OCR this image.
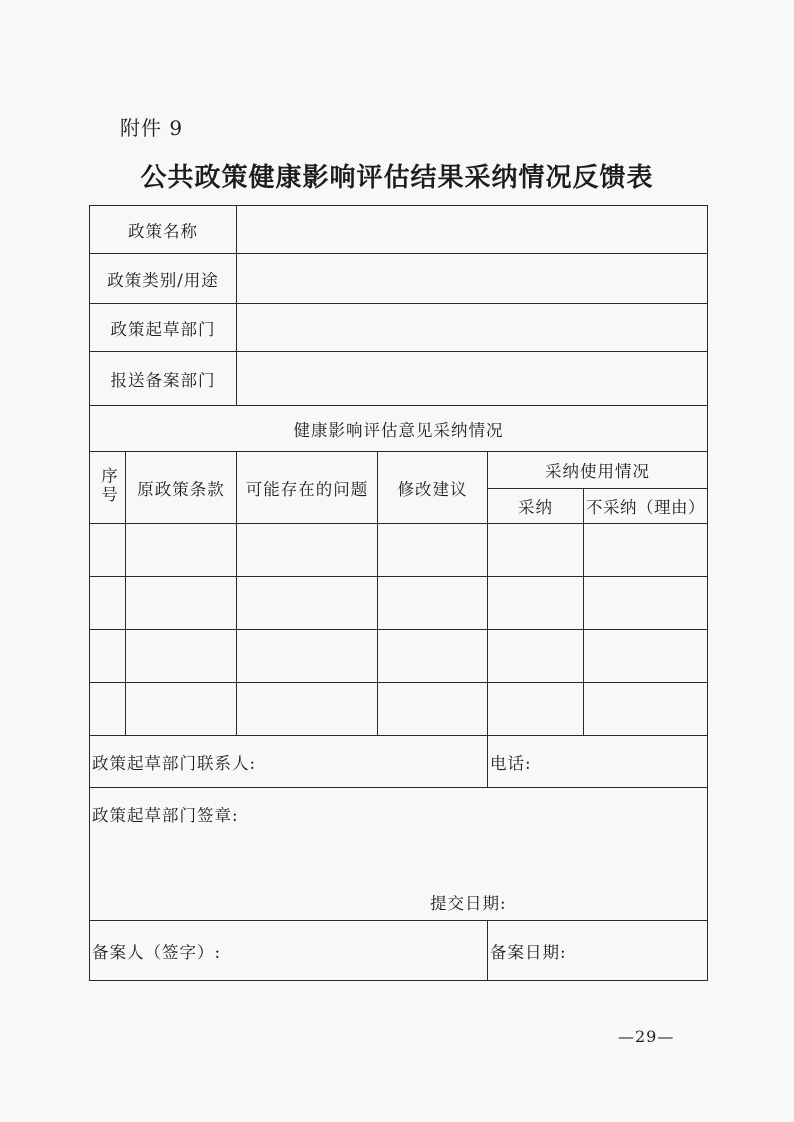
附件 9
公共政策健康影响评估结果采纳情况反馈表
政策名称					
政策类别/用途					
政策起草部门					
报送备案部门					
健康影响评估意见采纳情况					
序号	原政策条款	可能存在的问题	修改建议	采纳使用情况	
				采纳	不采纳（理由）

政策起草部门联系人:				电话:	

政策起草部门签章:
提交日期:					

备案人（签字）:				备案日期:	
—29—
